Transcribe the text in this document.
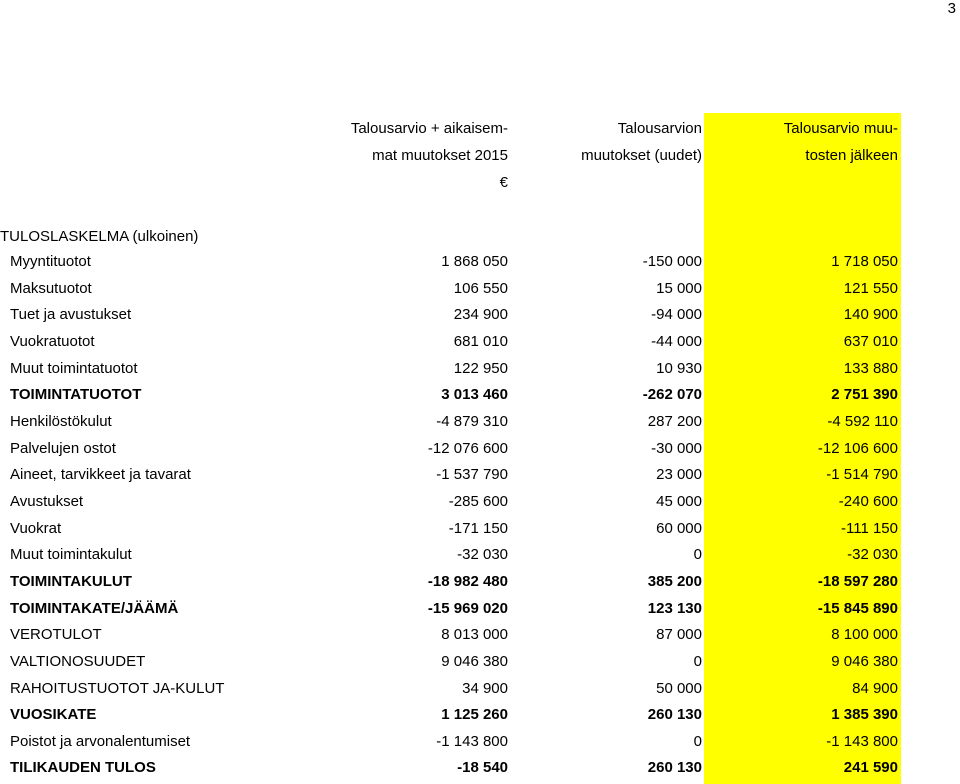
3
Talousarvio + aikaisem-
mat muutokset 2015
Talousarvion
muutokset (uudet)
Talousarvio muu-
tosten jälkeen
€
TULOSLASKELMA (ulkoinen)
Myyntituotot	1 868 050	-150 000	1 718 050
Maksutuotot	106 550	15 000	121 550
Tuet ja avustukset	234 900	-94 000	140 900
Vuokratuotot	681 010	-44 000	637 010
Muut toimintatuotot	122 950	10 930	133 880
TOIMINTATUOTOT	3 013 460	-262 070	2 751 390
Henkilöstökulut	-4 879 310	287 200	-4 592 110
Palvelujen ostot	-12 076 600	-30 000	-12 106 600
Aineet, tarvikkeet ja tavarat	-1 537 790	23 000	-1 514 790
Avustukset	-285 600	45 000	-240 600
Vuokrat	-171 150	60 000	-111 150
Muut toimintakulut	-32 030	0	-32 030
TOIMINTAKULUT	-18 982 480	385 200	-18 597 280
TOIMINTAKATE/JÄÄMÄ	-15 969 020	123 130	-15 845 890
VEROTULOT	8 013 000	87 000	8 100 000
VALTIONOSUUDET	9 046 380	0	9 046 380
RAHOITUSTUOTOT JA-KULUT	34 900	50 000	84 900
VUOSIKATE	1 125 260	260 130	1 385 390
Poistot ja arvonalentumiset	-1 143 800	0	-1 143 800
TILIKAUDEN TULOS	-18 540	260 130	241 590
